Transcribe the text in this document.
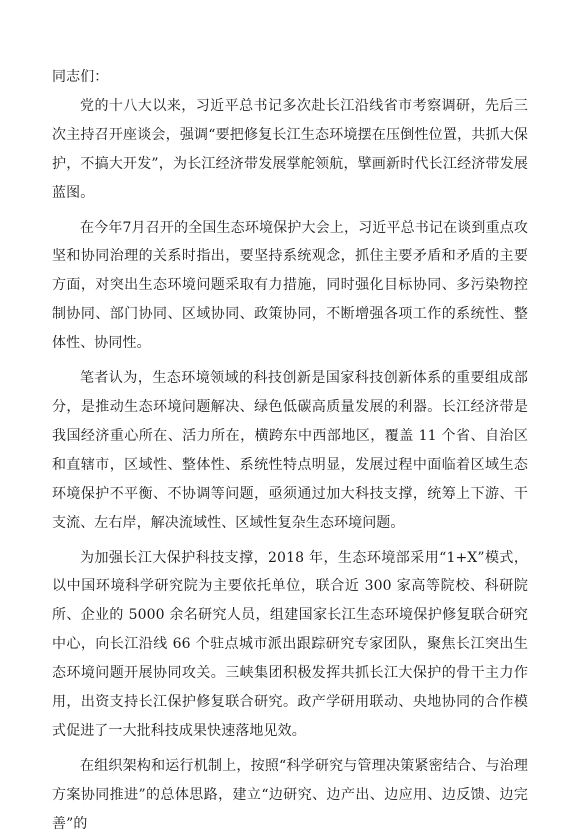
同志们：

党的十八大以来，习近平总书记多次赴长江沿线省市考察调研，先后三次主持召开座谈会，强调“要把修复长江生态环境摆在压倒性位置，共抓大保护，不搞大开发”，为长江经济带发展掌舵领航，擘画新时代长江经济带发展蓝图。

在今年7月召开的全国生态环境保护大会上，习近平总书记在谈到重点攻坚和协同治理的关系时指出，要坚持系统观念，抓住主要矛盾和矛盾的主要方面，对突出生态环境问题采取有力措施，同时强化目标协同、多污染物控制协同、部门协同、区域协同、政策协同，不断增强各项工作的系统性、整体性、协同性。

笔者认为，生态环境领域的科技创新是国家科技创新体系的重要组成部分，是推动生态环境问题解决、绿色低碳高质量发展的利器。长江经济带是我国经济重心所在、活力所在，横跨东中西部地区，覆盖 11 个省、自治区和直辖市，区域性、整体性、系统性特点明显，发展过程中面临着区域生态环境保护不平衡、不协调等问题，亟须通过加大科技支撑，统筹上下游、干支流、左右岸，解决流域性、区域性复杂生态环境问题。

为加强长江大保护科技支撑，2018 年，生态环境部采用“1+X”模式，以中国环境科学研究院为主要依托单位，联合近 300 家高等院校、科研院所、企业的 5000 余名研究人员，组建国家长江生态环境保护修复联合研究中心，向长江沿线 66 个驻点城市派出跟踪研究专家团队，聚焦长江突出生态环境问题开展协同攻关。三峡集团积极发挥共抓长江大保护的骨干主力作用，出资支持长江保护修复联合研究。政产学研用联动、央地协同的合作模式促进了一大批科技成果快速落地见效。

在组织架构和运行机制上，按照“科学研究与管理决策紧密结合、与治理方案协同推进”的总体思路，建立“边研究、边产出、边应用、边反馈、边完善”的
